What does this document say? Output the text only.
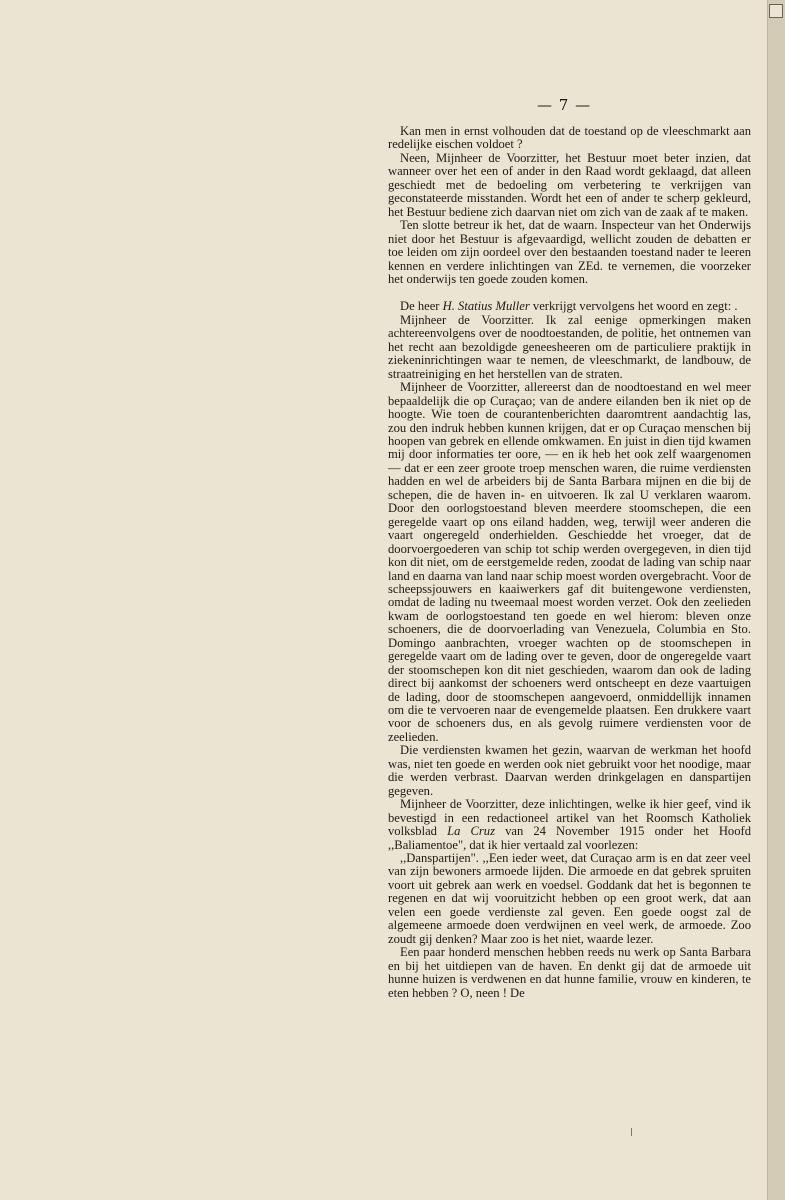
— 7 —

Kan men in ernst volhouden dat de toestand op de vleeschmarkt aan redelijke eischen voldoet ?

Neen, Mijnheer de Voorzitter, het Bestuur moet beter inzien, dat wanneer over het een of ander in den Raad wordt geklaagd, dat alleen geschiedt met de bedoeling om verbetering te verkrijgen van geconstateerde misstanden. Wordt het een of ander te scherp gekleurd, het Bestuur bediene zich daarvan niet om zich van de zaak af te maken.

Ten slotte betreur ik het, dat de waarn. Inspecteur van het Onderwijs niet door het Bestuur is afgevaardigd, wellicht zouden de debatten er toe leiden om zijn oordeel over den bestaanden toestand nader te leeren kennen en verdere inlichtingen van ZEd. te vernemen, die voorzeker het onderwijs ten goede zouden komen.

De heer H. Statius Muller verkrijgt vervolgens het woord en zegt: .

Mijnheer de Voorzitter. Ik zal eenige opmerkingen maken achtereenvolgens over de noodtoestanden, de politie, het ontnemen van het recht aan bezoldigde geneesheeren om de particuliere praktijk in ziekeninrichtingen waar te nemen, de vleeschmarkt, de landbouw, de straatreiniging en het herstellen van de straten.

Mijnheer de Voorzitter, allereerst dan de noodtoestand en wel meer bepaaldelijk die op Curaçao; van de andere eilanden ben ik niet op de hoogte. Wie toen de courantenberichten daaromtrent aandachtig las, zou den indruk hebben kunnen krijgen, dat er op Curaçao menschen bij hoopen van gebrek en ellende omkwamen. En juist in dien tijd kwamen mij door informaties ter oore, — en ik heb het ook zelf waargenomen — dat er een zeer groote troep menschen waren, die ruime verdiensten hadden en wel de arbeiders bij de Santa Barbara mijnen en die bij de schepen, die de haven in- en uitvoeren. Ik zal U verklaren waarom. Door den oorlogstoestand bleven meerdere stoomschepen, die een geregelde vaart op ons eiland hadden, weg, terwijl weer anderen die vaart ongeregeld onderhielden. Geschiedde het vroeger, dat de doorvoergoederen van schip tot schip werden overgegeven, in dien tijd kon dit niet, om de eerstgemelde reden, zoodat de lading van schip naar land en daarna van land naar schip moest worden overgebracht. Voor de scheepssjouwers en kaaiwerkers gaf dit buitengewone verdiensten, omdat de lading nu tweemaal moest worden verzet. Ook den zeelieden kwam de oorlogstoestand ten goede en wel hierom: bleven onze schoeners, die de doorvoerlading van Venezuela, Columbia en Sto. Domingo aanbrachten, vroeger wachten op de stoomschepen in geregelde vaart om de lading over te geven, door de ongeregelde vaart der stoomschepen kon dit niet geschieden, waarom dan ook de lading direct bij aankomst der schoeners werd ontscheept en deze vaartuigen de lading, door de stoomschepen aangevoerd, onmiddellijk innamen om die te vervoeren naar de evengemelde plaatsen. Een drukkere vaart voor de schoeners dus, en als gevolg ruimere verdiensten voor de zeelieden.

Die verdiensten kwamen het gezin, waarvan de werkman het hoofd was, niet ten goede en werden ook niet gebruikt voor het noodige, maar die werden verbrast. Daarvan werden drinkgelagen en danspartijen gegeven.

Mijnheer de Voorzitter, deze inlichtingen, welke ik hier geef, vind ik bevestigd in een redactioneel artikel van het Roomsch Katholiek volksblad La Cruz van 24 November 1915 onder het Hoofd ,,Baliamentoe", dat ik hier vertaald zal voorlezen:

,,Danspartijen". ,,Een ieder weet, dat Curaçao arm is en dat zeer veel van zijn bewoners armoede lijden. Die armoede en dat gebrek spruiten voort uit gebrek aan werk en voedsel. Goddank dat het is begonnen te regenen en dat wij vooruitzicht hebben op een groot werk, dat aan velen een goede verdienste zal geven. Een goede oogst zal de algemeene armoede doen verdwijnen en veel werk, de armoede. Zoo zoudt gij denken? Maar zoo is het niet, waarde lezer.

Een paar honderd menschen hebben reeds nu werk op Santa Barbara en bij het uitdiepen van de haven. En denkt gij dat de armoede uit hunne huizen is verdwenen en dat hunne familie, vrouw en kinderen, te eten hebben ? O, neen ! De
